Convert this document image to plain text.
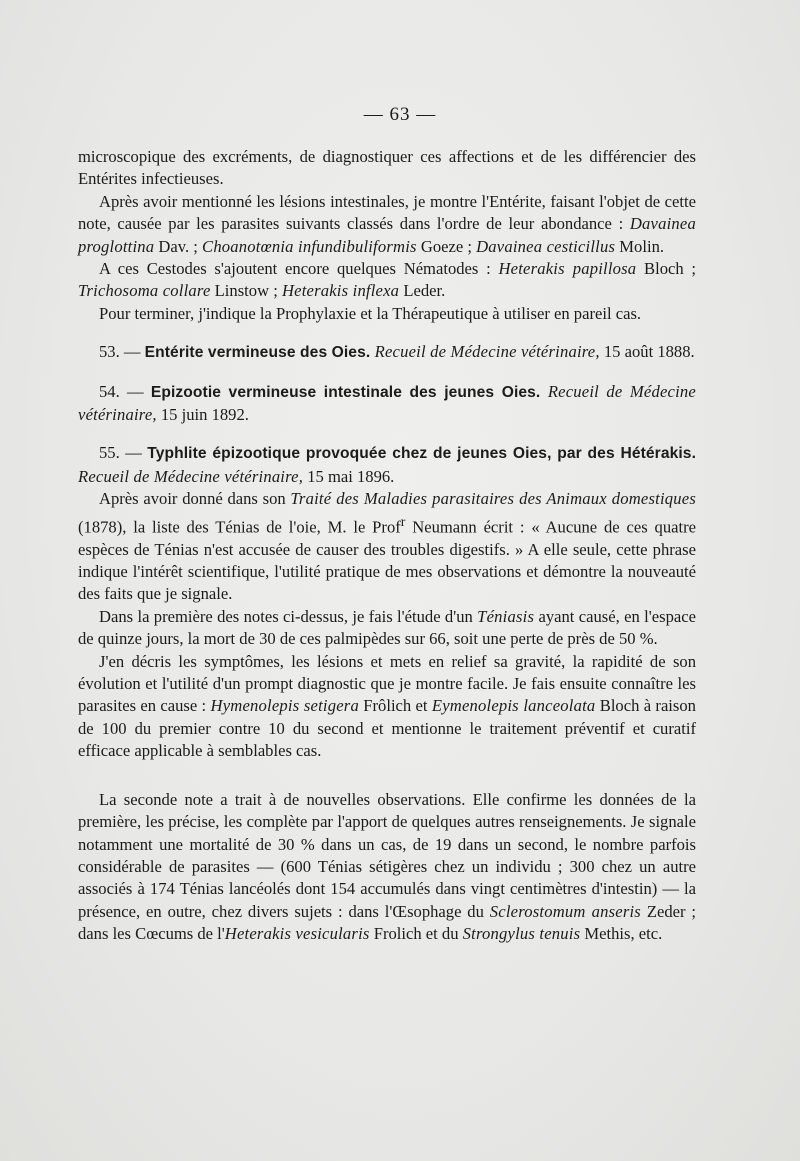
— 63 —

microscopique des excréments, de diagnostiquer ces affections et de les différencier des Entérites infectieuses.

Après avoir mentionné les lésions intestinales, je montre l'Entérite, faisant l'objet de cette note, causée par les parasites suivants classés dans l'ordre de leur abondance : Davainea proglottina Dav. ; Choanotœnia infundibuliformis Goeze ; Davainea cesticillus Molin.

A ces Cestodes s'ajoutent encore quelques Nématodes : Heterakis papillosa Bloch ; Trichosoma collare Linstow ; Heterakis inflexa Leder.

Pour terminer, j'indique la Prophylaxie et la Thérapeutique à utiliser en pareil cas.

53. — Entérite vermineuse des Oies. Recueil de Médecine vétérinaire, 15 août 1888.

54. — Epizootie vermineuse intestinale des jeunes Oies. Recueil de Médecine vétérinaire, 15 juin 1892.

55. — Typhlite épizootique provoquée chez de jeunes Oies, par des Hétérakis. Recueil de Médecine vétérinaire, 15 mai 1896.

Après avoir donné dans son Traité des Maladies parasitaires des Animaux domestiques (1878), la liste des Ténias de l'oie, M. le Prof$^r$ Neumann écrit : « Aucune de ces quatre espèces de Ténias n'est accusée de causer des troubles digestifs. » A elle seule, cette phrase indique l'intérêt scientifique, l'utilité pratique de mes observations et démontre la nouveauté des faits que je signale.

Dans la première des notes ci-dessus, je fais l'étude d'un Téniasis ayant causé, en l'espace de quinze jours, la mort de 30 de ces palmipèdes sur 66, soit une perte de près de 50 %.

J'en décris les symptômes, les lésions et mets en relief sa gravité, la rapidité de son évolution et l'utilité d'un prompt diagnostic que je montre facile. Je fais ensuite connaître les parasites en cause : Hymenolepis setigera Frôlich et Eymenolepis lanceolata Bloch à raison de 100 du premier contre 10 du second et mentionne le traitement préventif et curatif efficace applicable à semblables cas.

La seconde note a trait à de nouvelles observations. Elle confirme les données de la première, les précise, les complète par l'apport de quelques autres renseignements. Je signale notamment une mortalité de 30 % dans un cas, de 19 dans un second, le nombre parfois considérable de parasites — (600 Ténias sétigères chez un individu ; 300 chez un autre associés à 174 Ténias lancéolés dont 154 accumulés dans vingt centimètres d'intestin) — la présence, en outre, chez divers sujets : dans l'Œsophage du Sclerostomum anseris Zeder ; dans les Cœcums de l'Heterakis vesicularis Frolich et du Strongylus tenuis Methis, etc.
